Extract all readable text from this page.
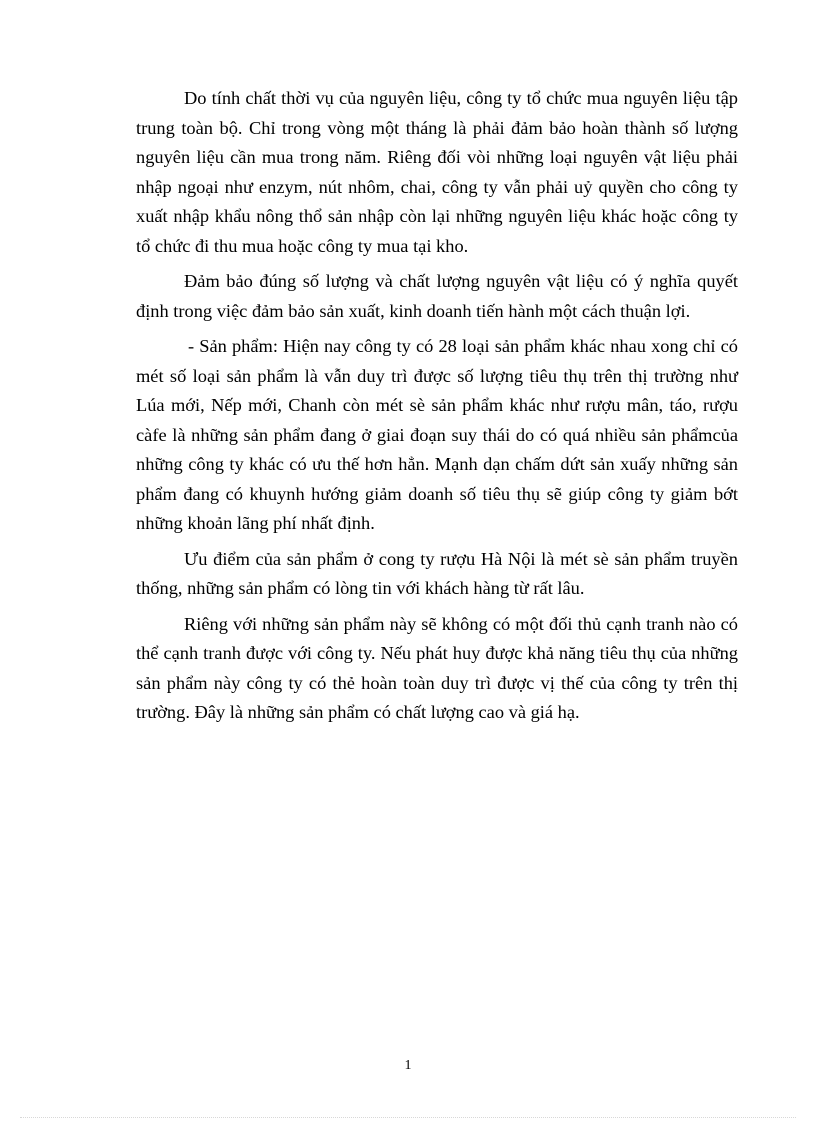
Do tính chất thời vụ của nguyên liệu, công ty tổ chức mua nguyên liệu tập trung toàn bộ. Chỉ trong vòng một tháng là phải đảm bảo hoàn thành số lượng nguyên liệu cần mua trong năm. Riêng đối vòi những loại nguyên vật liệu phải nhập ngoại như enzym, nút nhôm, chai, công ty vẫn phải uỷ quyền cho công ty xuất nhập khẩu nông thổ sản nhập còn lại những nguyên liệu khác hoặc công ty tổ chức đi thu mua hoặc công ty mua tại kho.

Đảm bảo đúng số lượng và chất lượng nguyên vật liệu có ý nghĩa quyết định trong việc đảm bảo sản xuất, kinh doanh tiến hành một cách thuận lợi.

- Sản phẩm: Hiện nay công ty có 28 loại sản phẩm khác nhau xong chỉ có mét số loại sản phẩm là vẫn duy trì được số lượng tiêu thụ trên thị trường như Lúa mới, Nếp mới, Chanh còn mét sè sản phẩm khác như rượu mân, táo, rượu càfe là những sản phẩm đang ở giai đoạn suy thái do có quá nhiều sản phẩmcủa những công ty khác có ưu thế hơn hẳn. Mạnh dạn chấm dứt sản xuấy những sản phẩm đang có khuynh hướng giảm doanh số tiêu thụ sẽ giúp công ty giảm bớt những khoản lãng phí nhất định.

Ưu điểm của sản phẩm ở cong ty rượu Hà Nội là mét sè sản phẩm truyền thống, những sản phẩm có lòng tin với khách hàng từ rất lâu.

Riêng với những sản phẩm này sẽ không có một đối thủ cạnh tranh nào có thể cạnh tranh được với công ty. Nếu phát huy được khả năng tiêu thụ của những sản phẩm này công ty có thẻ hoàn toàn duy trì được vị thế của công ty trên thị trường. Đây là những sản phẩm có chất lượng cao và giá hạ.

1
